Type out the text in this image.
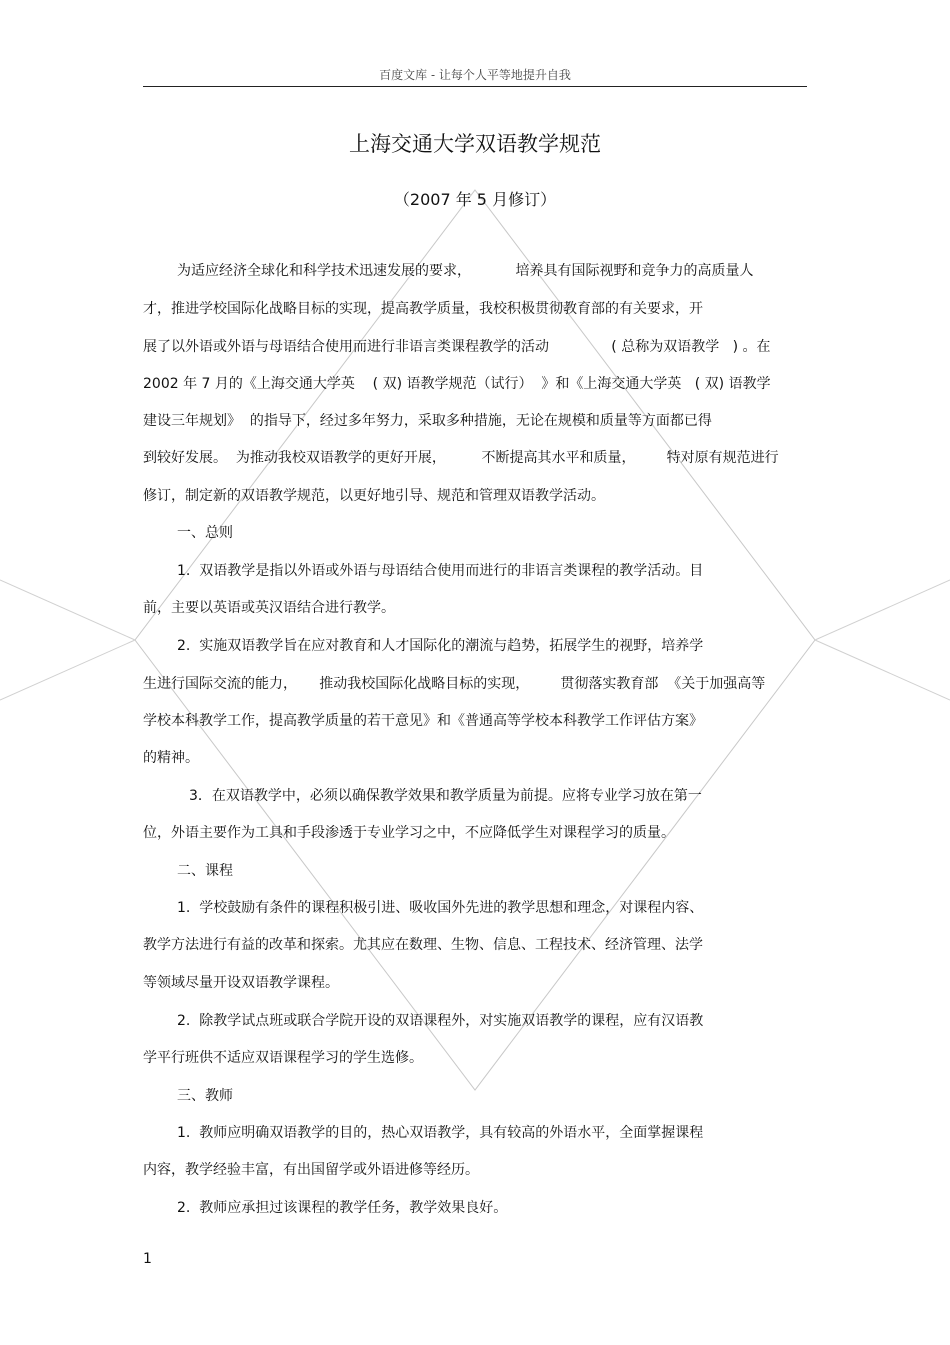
百度文库 - 让每个人平等地提升自我
上海交通大学双语教学规范
（2007 年 5 月修订）
为适应经济全球化和科学技术迅速发展的要求，          培养具有国际视野和竞争力的高质量人
才，推进学校国际化战略目标的实现，提高教学质量，我校积极贯彻教育部的有关要求，开
展了以外语或外语与母语结合使用而进行非语言类课程教学的活动              ( 总称为双语教学   ) 。在
2002 年 7 月的《上海交通大学英    ( 双) 语教学规范（试行）  》和《上海交通大学英   ( 双) 语教学
建设三年规划》  的指导下，经过多年努力，采取多种措施，无论在规模和质量等方面都已得
到较好发展。  为推动我校双语教学的更好开展，        不断提高其水平和质量，       特对原有规范进行
修订，制定新的双语教学规范，以更好地引导、规范和管理双语教学活动。
一、总则
1.  双语教学是指以外语或外语与母语结合使用而进行的非语言类课程的教学活动。目
前，主要以英语或英汉语结合进行教学。
2.  实施双语教学旨在应对教育和人才国际化的潮流与趋势，拓展学生的视野，培养学
生进行国际交流的能力，     推动我校国际化战略目标的实现，       贯彻落实教育部  《关于加强高等
学校本科教学工作，提高教学质量的若干意见》和《普通高等学校本科教学工作评估方案》
的精神。
3．在双语教学中，必须以确保教学效果和教学质量为前提。应将专业学习放在第一
位，外语主要作为工具和手段渗透于专业学习之中，不应降低学生对课程学习的质量。
二、课程
1.  学校鼓励有条件的课程积极引进、吸收国外先进的教学思想和理念，对课程内容、
教学方法进行有益的改革和探索。尤其应在数理、生物、信息、工程技术、经济管理、法学
等领域尽量开设双语教学课程。
2.  除教学试点班或联合学院开设的双语课程外，对实施双语教学的课程，应有汉语教
学平行班供不适应双语课程学习的学生选修。
三、教师
1.  教师应明确双语教学的目的，热心双语教学，具有较高的外语水平，全面掌握课程
内容，教学经验丰富，有出国留学或外语进修等经历。
2.  教师应承担过该课程的教学任务，教学效果良好。
1
